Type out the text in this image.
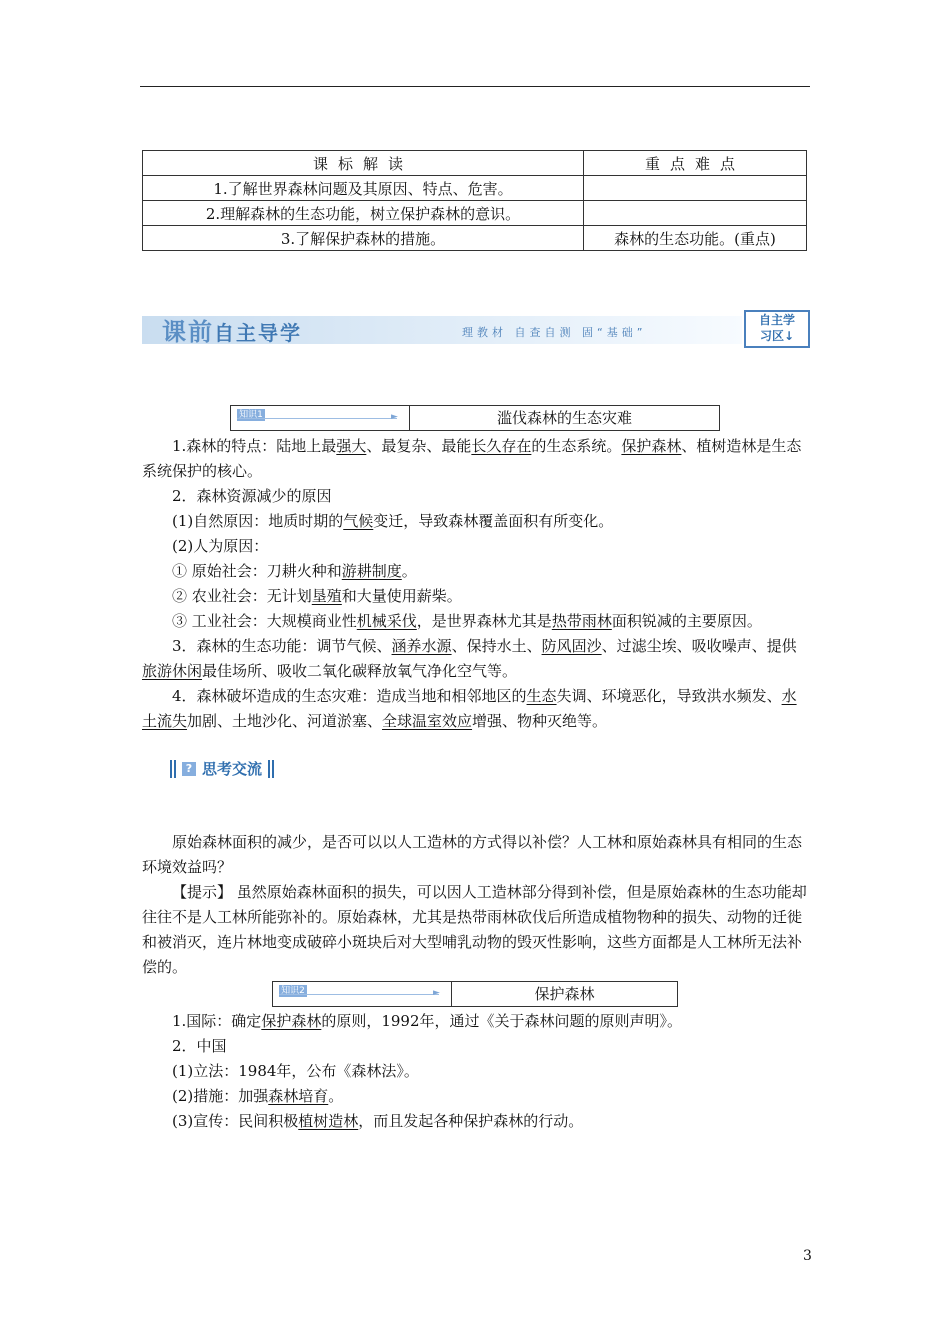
课标解读	重点难点
1.了解世界森林问题及其原因、特点、危害。	
2.理解森林的生态功能，树立保护森林的意识。	
3.了解保护森林的措施。	森林的生态功能。(重点)
课前自主导学	理教材 自查自测 固“基础”
自主学
习区↓
知识1	►	滥伐森林的生态灾难

1.森林的特点：陆地上最强大、最复杂、最能长久存在的生态系统。保护森林、植树造林是生态系统保护的核心。

2．森林资源减少的原因

(1)自然原因：地质时期的气候变迁，导致森林覆盖面积有所变化。

(2)人为原因：

① 原始社会：刀耕火种和游耕制度。

② 农业社会：无计划垦殖和大量使用薪柴。

③ 工业社会：大规模商业性机械采伐，是世界森林尤其是热带雨林面积锐减的主要原因。

3．森林的生态功能：调节气候、涵养水源、保持水土、防风固沙、过滤尘埃、吸收噪声、提供旅游休闲最佳场所、吸收二氧化碳释放氧气净化空气等。

4．森林破坏造成的生态灾难：造成当地和相邻地区的生态失调、环境恶化，导致洪水频发、水土流失加剧、土地沙化、河道淤塞、全球温室效应增强、物种灭绝等。

? 思考交流

原始森林面积的减少，是否可以以人工造林的方式得以补偿？人工林和原始森林具有相同的生态环境效益吗？

【提示】 虽然原始森林面积的损失，可以因人工造林部分得到补偿，但是原始森林的生态功能却往往不是人工林所能弥补的。原始森林，尤其是热带雨林砍伐后所造成植物物种的损失、动物的迁徙和被消灭，连片林地变成破碎小斑块后对大型哺乳动物的毁灭性影响，这些方面都是人工林所无法补偿的。

知识2	►	保护森林

1.国际：确定保护森林的原则，1992年，通过《关于森林问题的原则声明》。

2．中国

(1)立法：1984年，公布《森林法》。

(2)措施：加强森林培育。

(3)宣传：民间积极植树造林，而且发起各种保护森林的行动。

3
